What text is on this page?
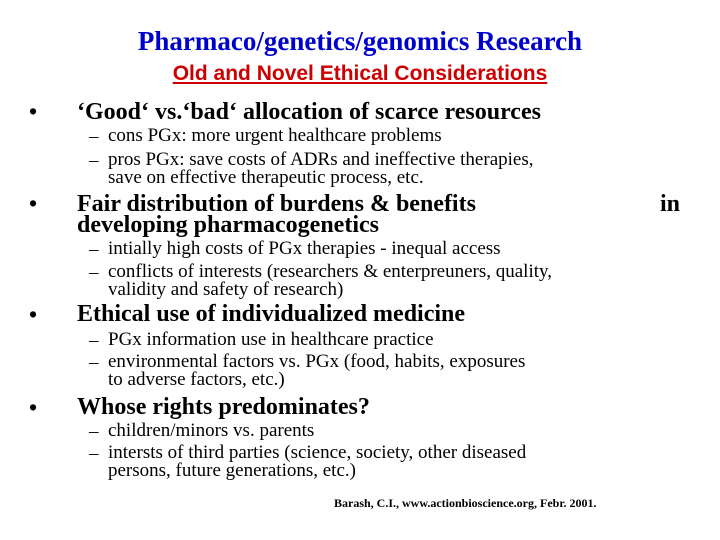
Pharmaco/genetics/genomics Research
Old and Novel Ethical Considerations
• ‘Good‘ vs.‘bad‘ allocation of scarce resources

– cons PGx: more urgent healthcare problems

– pros PGx: save costs of ADRs and ineffective therapies,

save on effective therapeutic process, etc.

• Fair distribution of burdens & benefits	in

developing pharmacogenetics

– intially high costs of PGx therapies - inequal access

– conflicts of interests (researchers & enterpreuners, quality,

validity and safety of research)

• Ethical use of individualized medicine

– PGx information use in healthcare practice

– environmental factors vs. PGx (food, habits, exposures

to adverse factors, etc.)

• Whose rights predominates?

– children/minors vs. parents

– intersts of third parties (science, society, other diseased

persons, future generations, etc.)

Barash, C.I., www.actionbioscience.org, Febr. 2001.
